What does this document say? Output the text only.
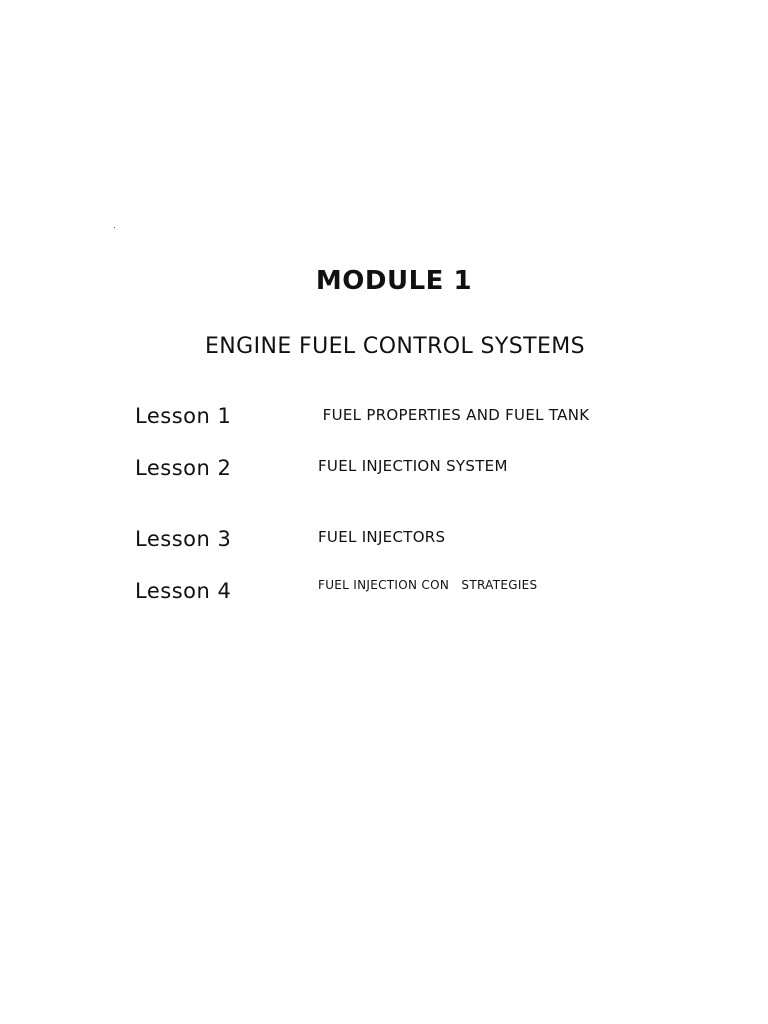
MODULE 1
ENGINE FUEL CONTROL SYSTEMS
Lesson 1	FUEL PROPERTIES AND FUEL TANK
Lesson 2	FUEL INJECTION SYSTEM
Lesson 3	FUEL INJECTORS
Lesson 4	FUEL INJECTION CON   STRATEGIES
